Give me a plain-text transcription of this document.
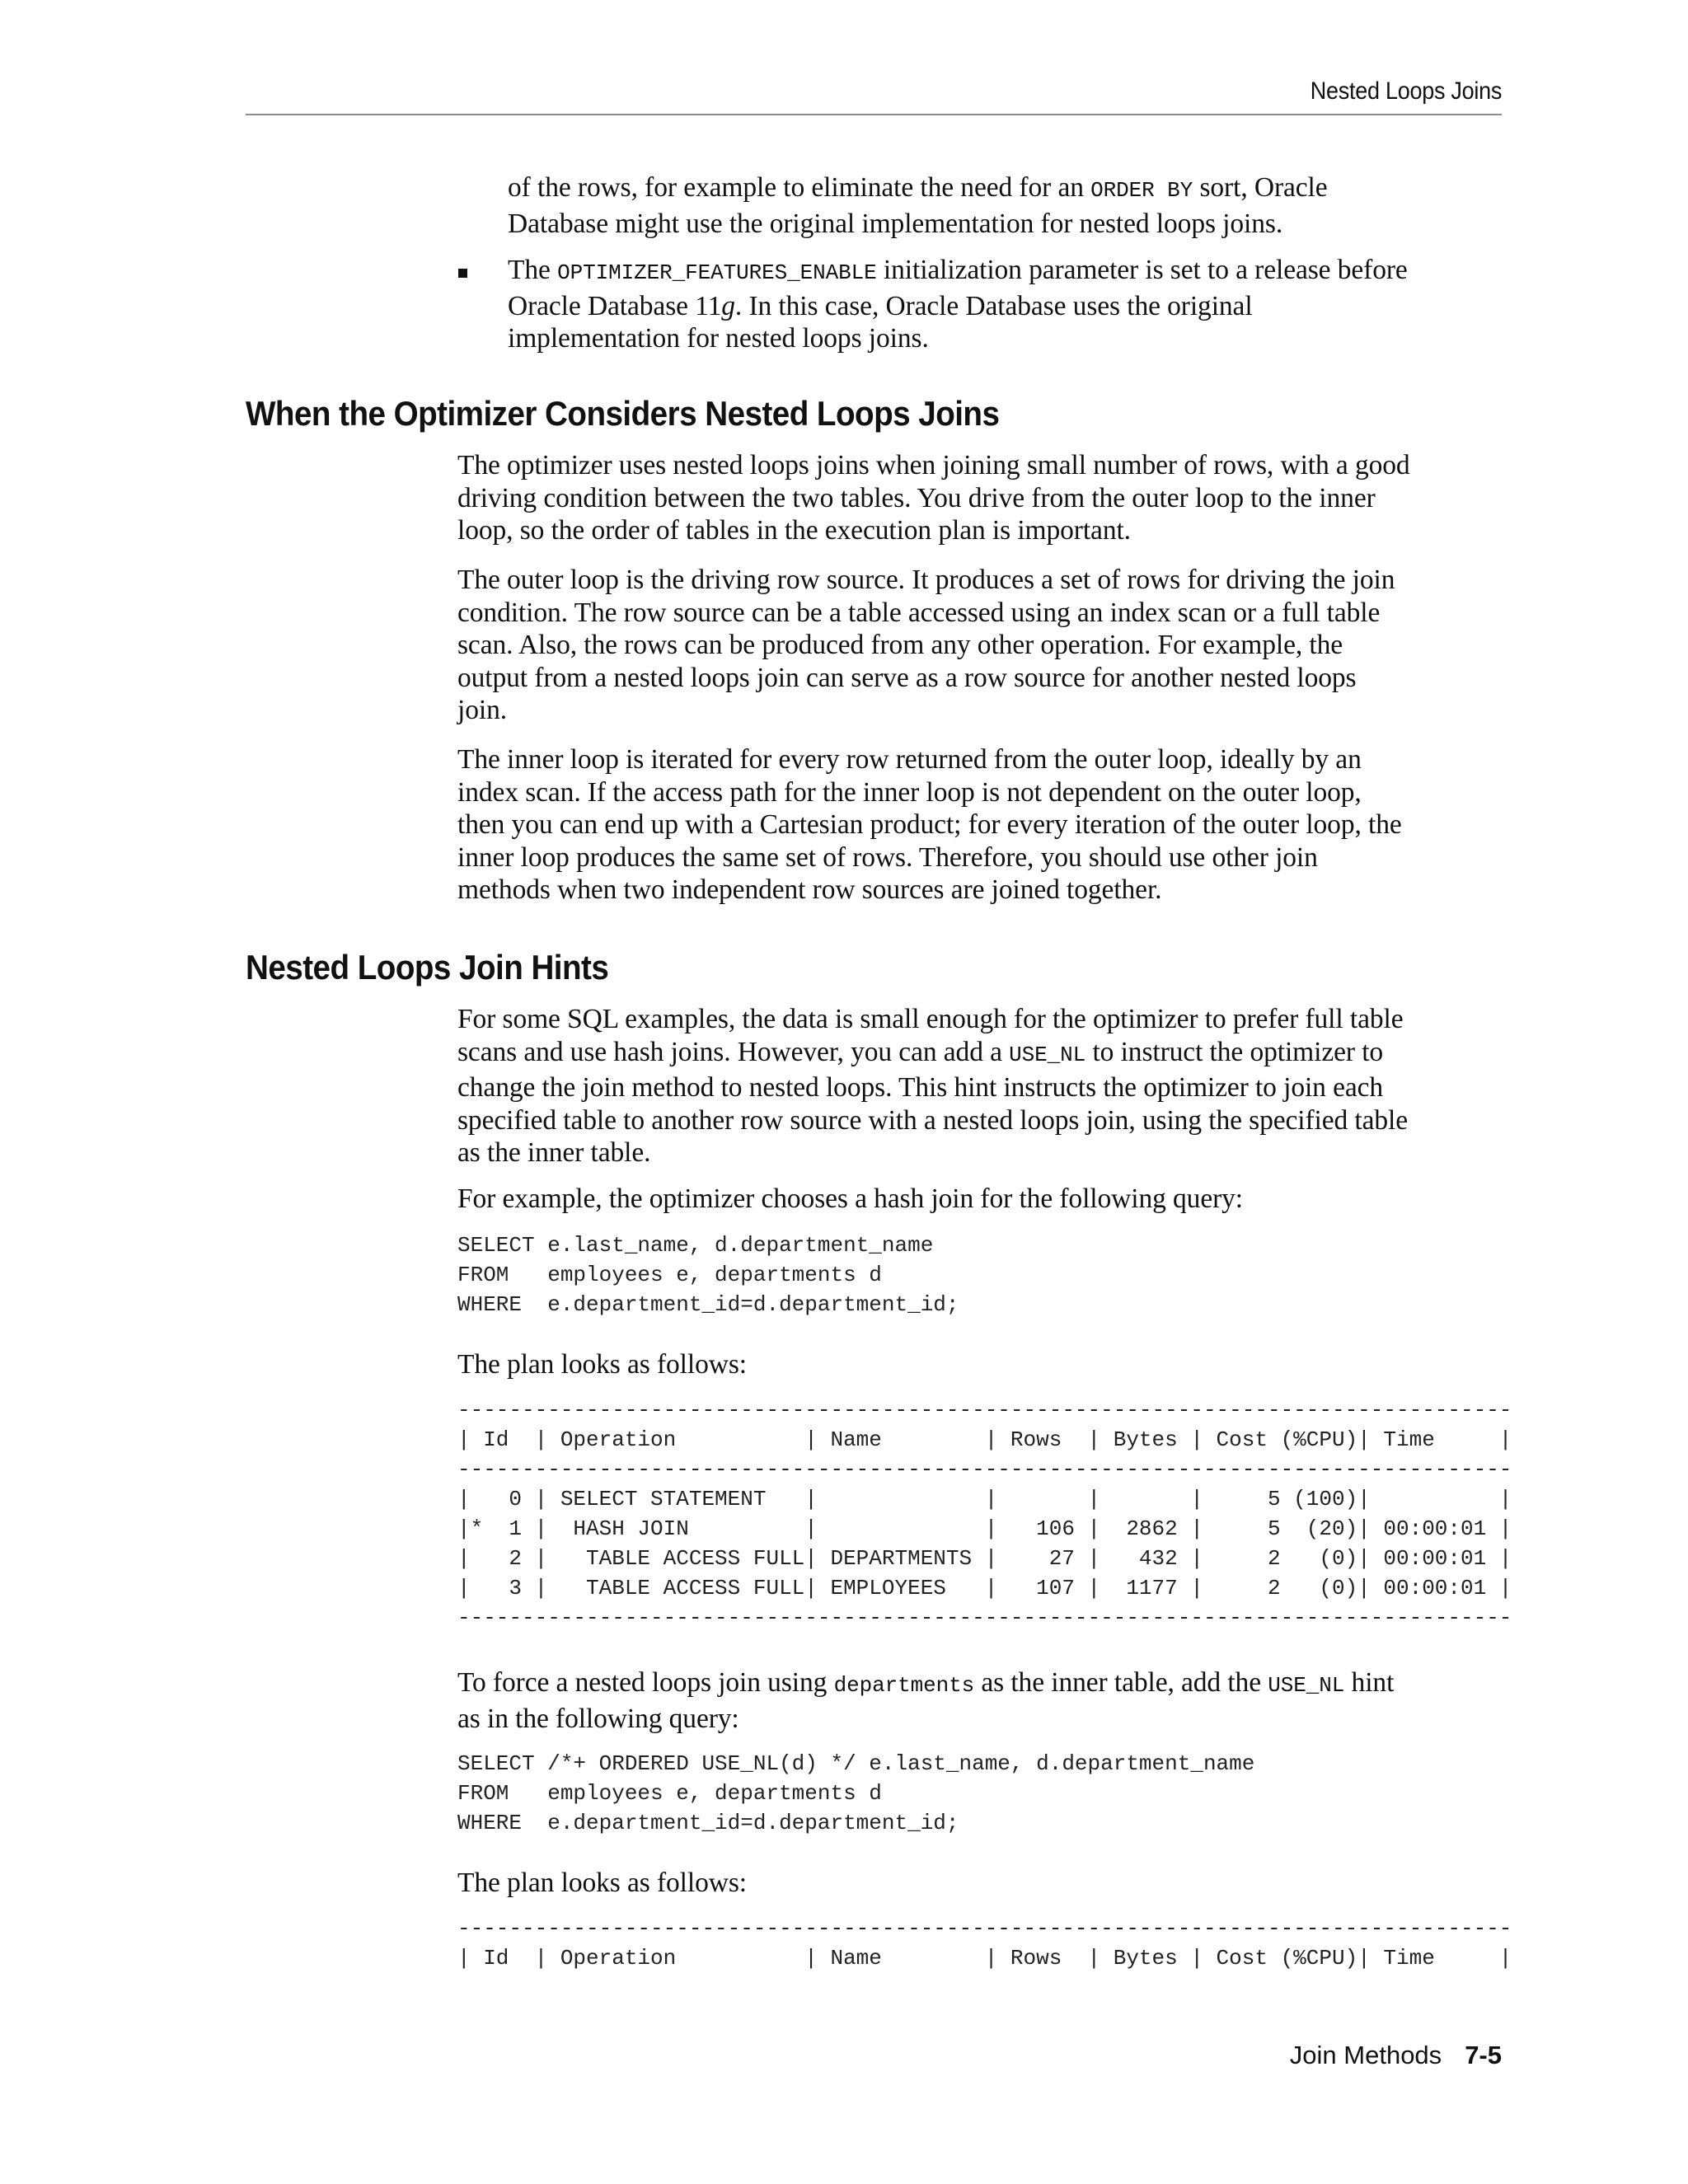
Nested Loops Joins
of the rows, for example to eliminate the need for an ORDER BY sort, Oracle
Database might use the original implementation for nested loops joins.
The OPTIMIZER_FEATURES_ENABLE initialization parameter is set to a release before
Oracle Database 11g. In this case, Oracle Database uses the original
implementation for nested loops joins.
When the Optimizer Considers Nested Loops Joins
The optimizer uses nested loops joins when joining small number of rows, with a good
driving condition between the two tables. You drive from the outer loop to the inner
loop, so the order of tables in the execution plan is important.
The outer loop is the driving row source. It produces a set of rows for driving the join
condition. The row source can be a table accessed using an index scan or a full table
scan. Also, the rows can be produced from any other operation. For example, the
output from a nested loops join can serve as a row source for another nested loops
join.
The inner loop is iterated for every row returned from the outer loop, ideally by an
index scan. If the access path for the inner loop is not dependent on the outer loop,
then you can end up with a Cartesian product; for every iteration of the outer loop, the
inner loop produces the same set of rows. Therefore, you should use other join
methods when two independent row sources are joined together.
Nested Loops Join Hints
For some SQL examples, the data is small enough for the optimizer to prefer full table
scans and use hash joins. However, you can add a USE_NL to instruct the optimizer to
change the join method to nested loops. This hint instructs the optimizer to join each
specified table to another row source with a nested loops join, using the specified table
as the inner table.
For example, the optimizer chooses a hash join for the following query:
SELECT e.last_name, d.department_name
FROM   employees e, departments d
WHERE  e.department_id=d.department_id;
The plan looks as follows:
----------------------------------------------------------------------------------
| Id  | Operation          | Name        | Rows  | Bytes | Cost (%CPU)| Time     |
----------------------------------------------------------------------------------
|   0 | SELECT STATEMENT   |             |       |       |     5 (100)|          |
|*  1 |  HASH JOIN         |             |   106 |  2862 |     5  (20)| 00:00:01 |
|   2 |   TABLE ACCESS FULL| DEPARTMENTS |    27 |   432 |     2   (0)| 00:00:01 |
|   3 |   TABLE ACCESS FULL| EMPLOYEES   |   107 |  1177 |     2   (0)| 00:00:01 |
----------------------------------------------------------------------------------
To force a nested loops join using departments as the inner table, add the USE_NL hint
as in the following query:
SELECT /*+ ORDERED USE_NL(d) */ e.last_name, d.department_name
FROM   employees e, departments d
WHERE  e.department_id=d.department_id;
The plan looks as follows:
----------------------------------------------------------------------------------
| Id  | Operation          | Name        | Rows  | Bytes | Cost (%CPU)| Time     |
Join Methods 7-5
